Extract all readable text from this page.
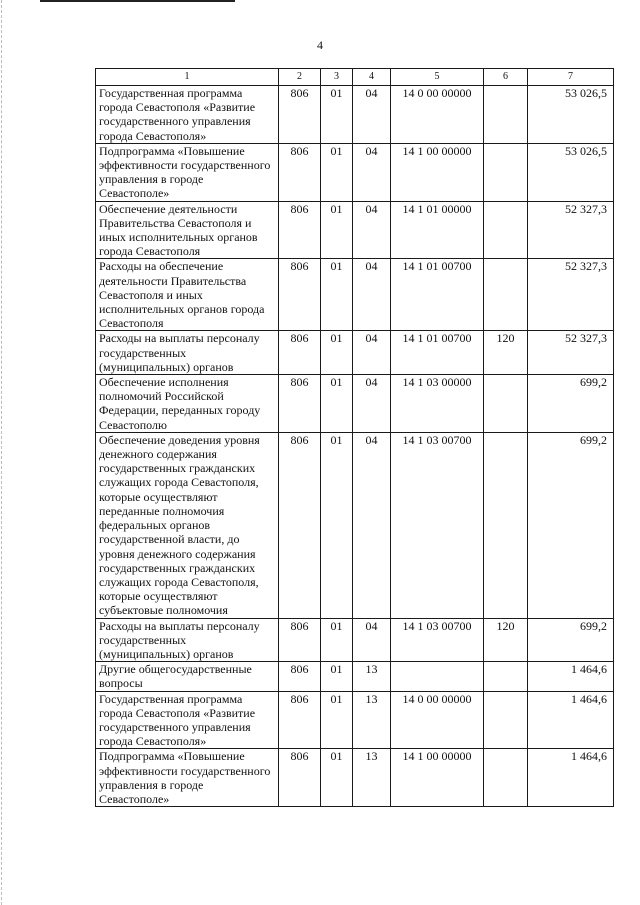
4
1	2	3	4	5	6	7
Государственная программа города Севастополя «Развитие государственного управления города Севастополя»	806	01	04	14 0 00 00000		53 026,5
Подпрограмма «Повышение эффективности государственного управления в городе Севастополе»	806	01	04	14 1 00 00000		53 026,5
Обеспечение деятельности Правительства Севастополя и иных исполнительных органов города Севастополя	806	01	04	14 1 01 00000		52 327,3
Расходы на обеспечение деятельности Правительства Севастополя и иных исполнительных органов города Севастополя	806	01	04	14 1 01 00700		52 327,3
Расходы на выплаты персоналу государственных (муниципальных) органов	806	01	04	14 1 01 00700	120	52 327,3
Обеспечение исполнения полномочий Российской Федерации, переданных городу Севастополю	806	01	04	14 1 03 00000		699,2
Обеспечение доведения уровня денежного содержания государственных гражданских служащих города Севастополя, которые осуществляют переданные полномочия федеральных органов государственной власти, до уровня денежного содержания государственных гражданских служащих города Севастополя, которые осуществляют субъектовые полномочия	806	01	04	14 1 03 00700		699,2
Расходы на выплаты персоналу государственных (муниципальных) органов	806	01	04	14 1 03 00700	120	699,2
Другие общегосударственные вопросы	806	01	13			1 464,6
Государственная программа города Севастополя «Развитие государственного управления города Севастополя»	806	01	13	14 0 00 00000		1 464,6
Подпрограмма «Повышение эффективности государственного управления в городе Севастополе»	806	01	13	14 1 00 00000		1 464,6
